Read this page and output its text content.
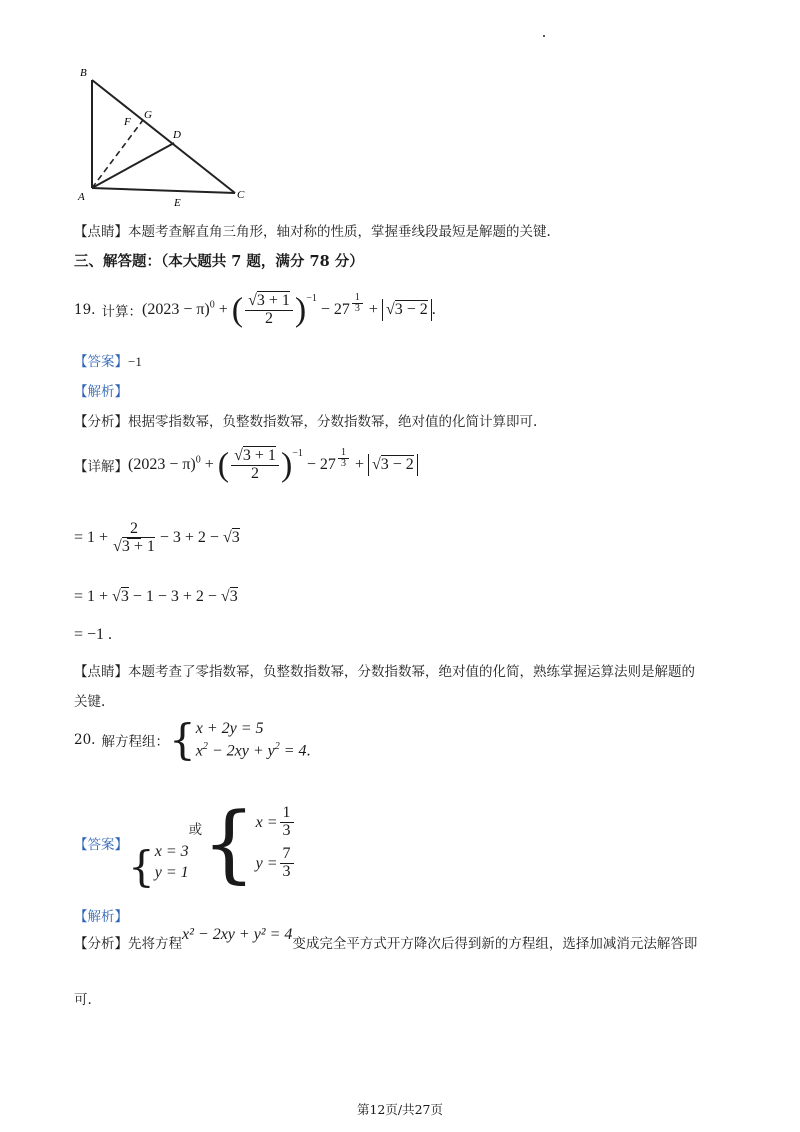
B
G
F
D
A	E
C
【点睛】本题考查解直角三角形，轴对称的性质，掌握垂线段最短是解题的关键.
三、解答题：（本大题共 7 题，满分 78 分）
19. 计算： $(2023 - \pi)^0$ + ( $\frac{√3 + 1}{2} )^{-1} - 27 \frac{1}{3} + √3 - 2$ .
【答案】−1
【解析】
【分析】根据零指数幂，负整数指数幂，分数指数幂，绝对值的化简计算即可.
【详解】 $(2023 - \pi)^0$ + ( $\frac{√3 + 1}{2} )^{-1} - 27 \frac{1}{3} + √3 - 2$
= $1 + \frac{2}{√3 + 1} - 3 + 2 - √3$
= 1 + √3 − 1 − 3 + 2 − √3
= −1 .
【点睛】本题考查了零指数幂，负整数指数幂，分数指数幂，绝对值的化简，熟练掌握运算法则是解题的
关键.
20. 解方程组： { x + 2y = 5
$x^2 - 2xy + y^2 = 4$.
【答案】 { x = 3
y = 1
或 { $x = \frac{1}{3}$
$y = \frac{7}{3}$
【解析】
【分析】 先将方程
x² − 2xy + y² = 4
变成完全平方式开方降次后得到新的方程组，选择加减消元法解答即
可.
第12页/共27页
